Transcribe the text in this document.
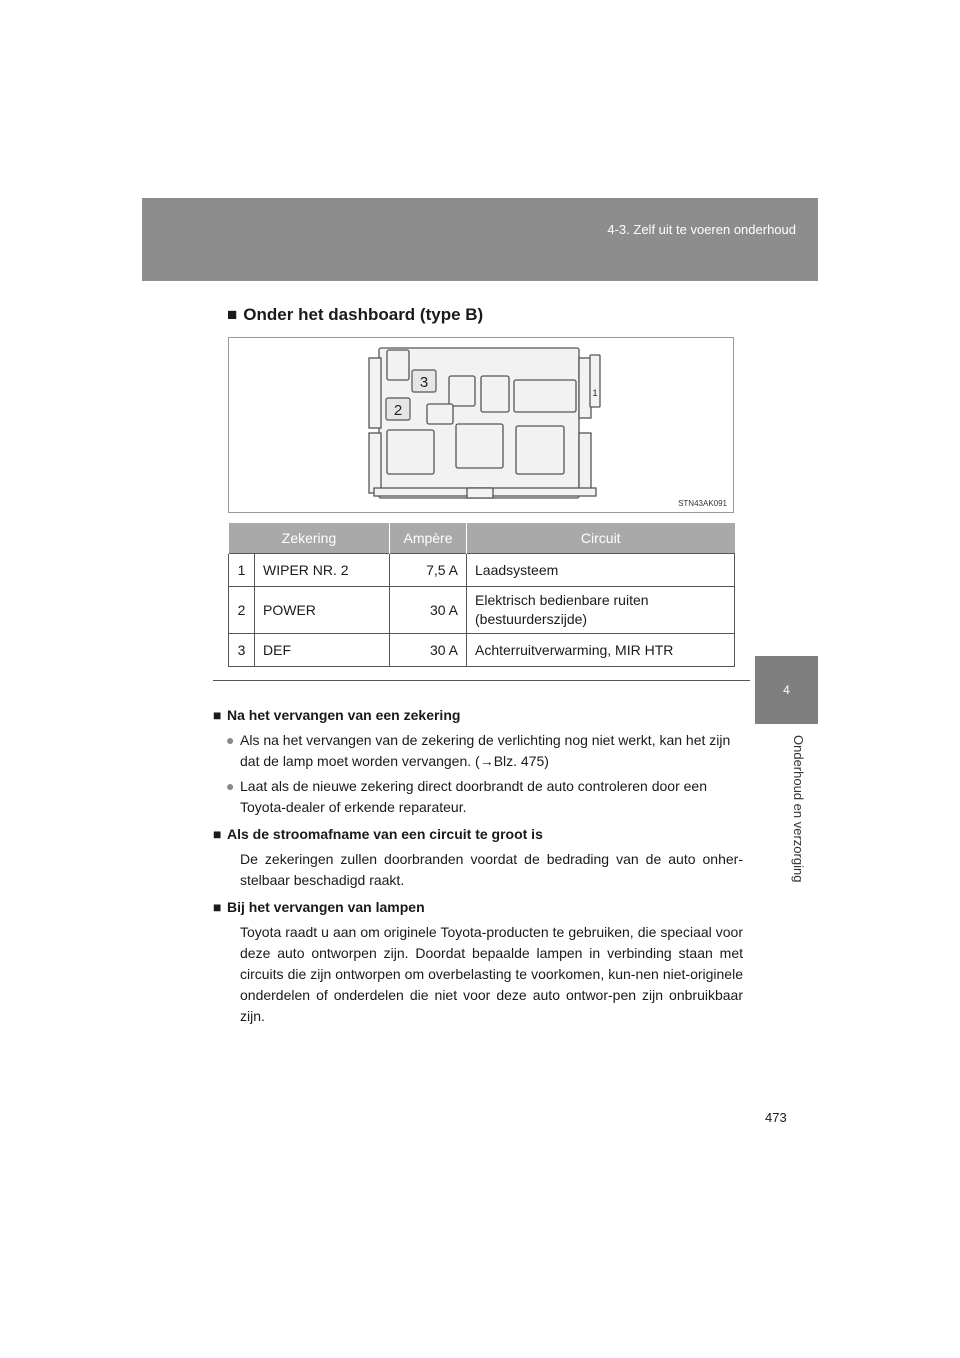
4-3. Zelf uit te voeren onderhoud
4
Onderhoud en verzorging
■ Onder het dashboard (type B)
3
2
1
STN43AK091
Zekering		Ampère	Circuit
1	WIPER NR. 2	7,5 A	Laadsysteem
2	POWER	30 A	Elektrisch bedienbare ruiten (bestuurderszijde)
3	DEF	30 A	Achterruitverwarming, MIR HTR

■ Na het vervangen van een zekering

● Als na het vervangen van de zekering de verlichting nog niet werkt, kan het zijn dat de lamp moet worden vervangen. (→Blz. 475)

● Laat als de nieuwe zekering direct doorbrandt de auto controleren door een Toyota-dealer of erkende reparateur.

■ Als de stroomafname van een circuit te groot is

De zekeringen zullen doorbranden voordat de bedrading van de auto onher-stelbaar beschadigd raakt.

■ Bij het vervangen van lampen

Toyota raadt u aan om originele Toyota-producten te gebruiken, die speciaal voor deze auto ontworpen zijn. Doordat bepaalde lampen in verbinding staan met circuits die zijn ontworpen om overbelasting te voorkomen, kun-nen niet-originele onderdelen of onderdelen die niet voor deze auto ontwor-pen zijn onbruikbaar zijn.

473
